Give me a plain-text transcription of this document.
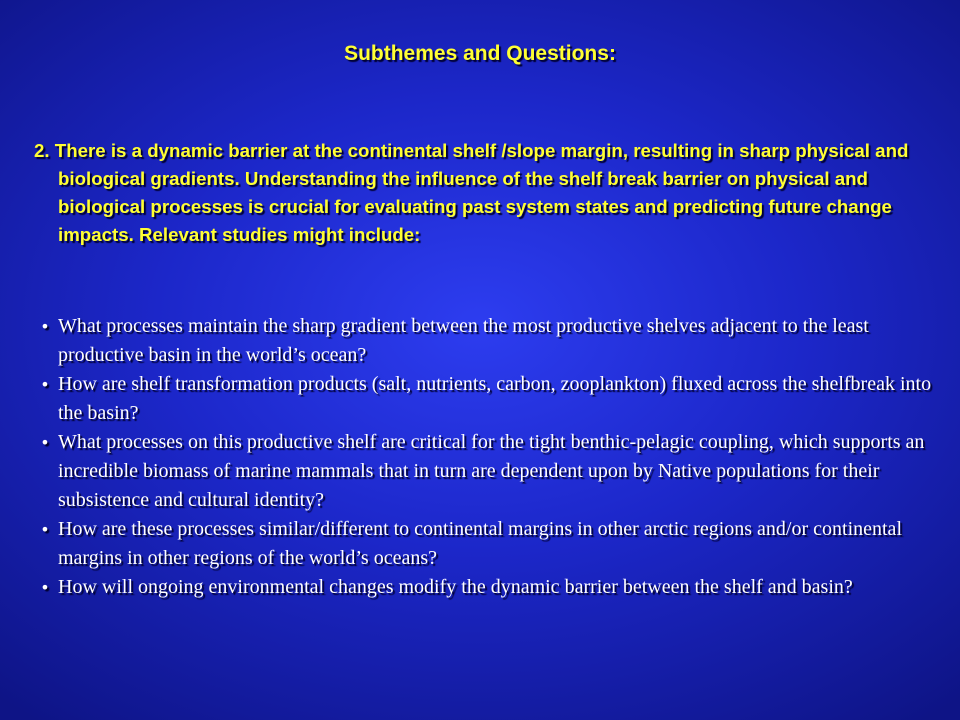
Subthemes and Questions:

2. There is a dynamic barrier at the continental shelf /slope margin, resulting in sharp physical and biological gradients. Understanding the influence of the shelf break barrier on physical and biological processes is crucial for evaluating past system states and predicting future change impacts. Relevant studies might include:

• What processes maintain the sharp gradient between the most productive shelves adjacent to the least productive basin in the world’s ocean?
• How are shelf transformation products (salt, nutrients, carbon, zooplankton) fluxed across the shelfbreak into the basin?
• What processes on this productive shelf are critical for the tight benthic-pelagic coupling, which supports an incredible biomass of marine mammals that in turn are dependent upon by Native populations for their subsistence and cultural identity?
• How are these processes similar/different to continental margins in other arctic regions and/or continental margins in other regions of the world’s oceans?
• How will ongoing environmental changes modify the dynamic barrier between the shelf and basin?
